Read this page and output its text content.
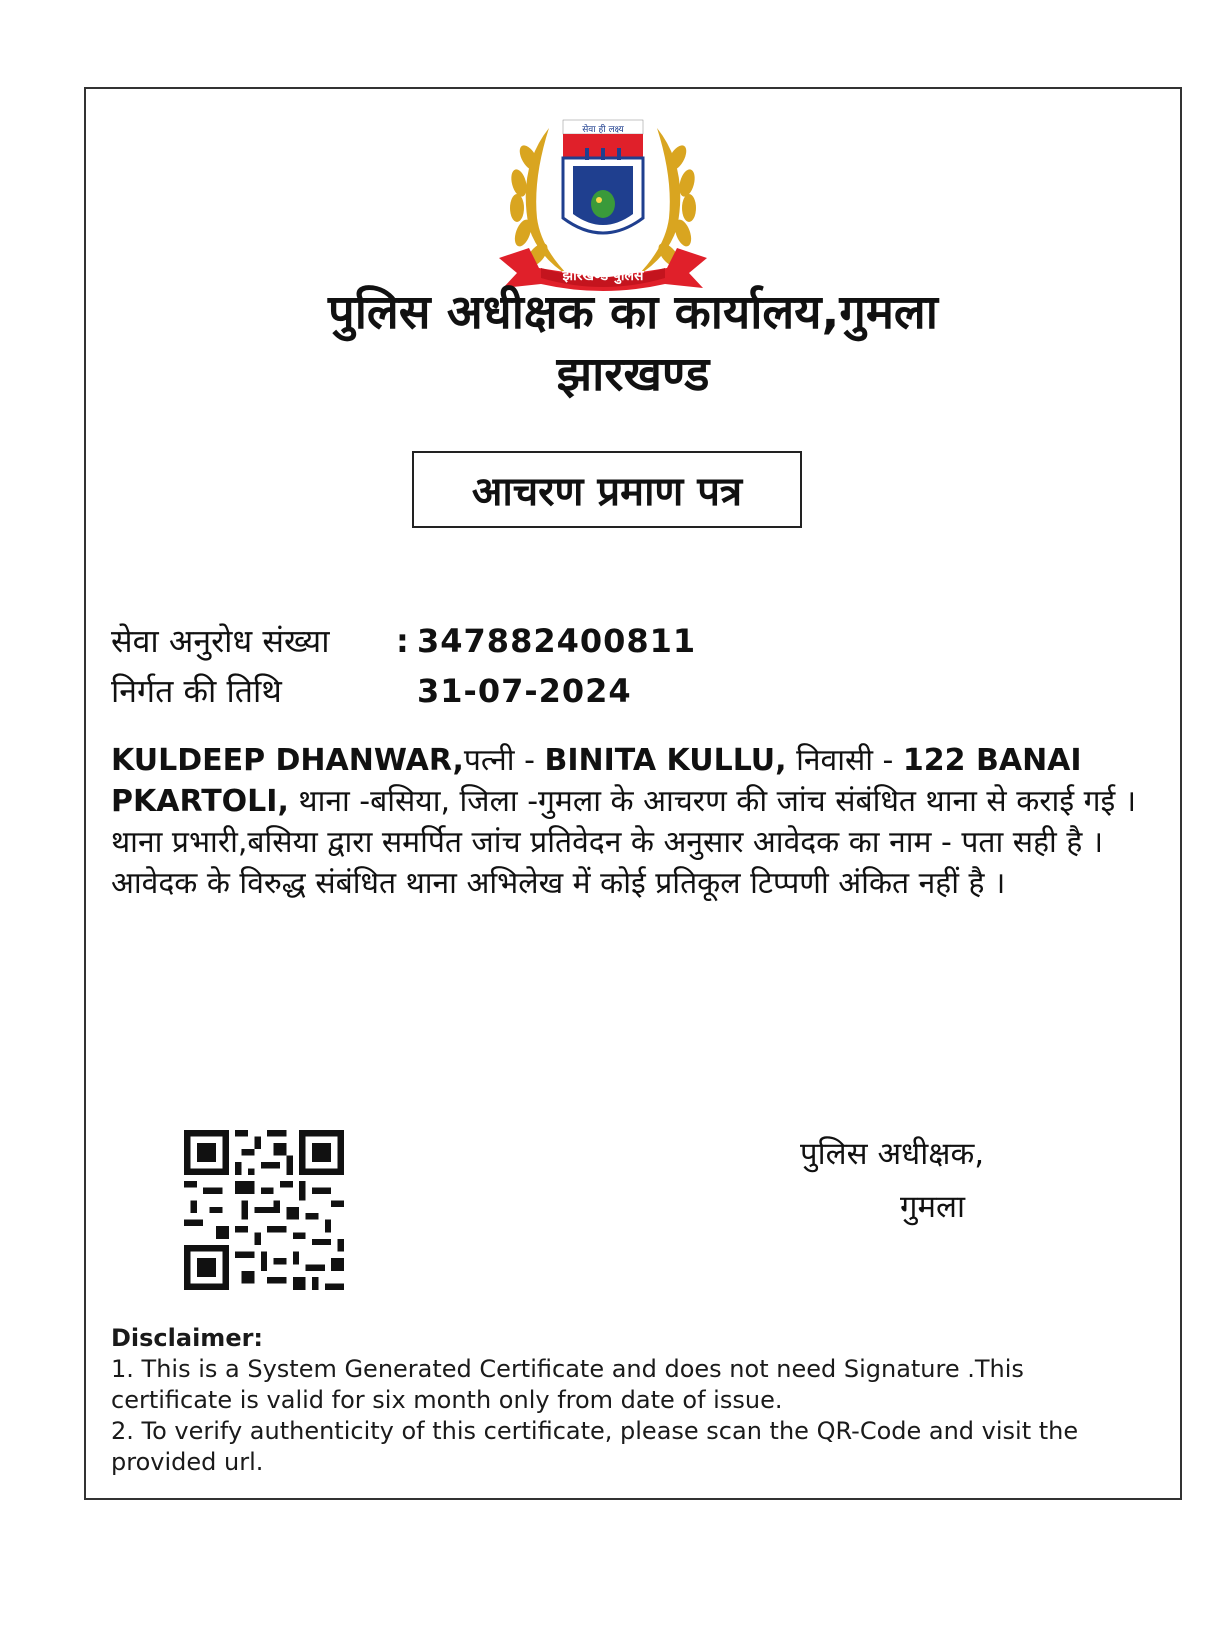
सेवा ही लक्ष्य
झारखण्ड पुलिस
पुलिस अधीक्षक का कार्यालय,गुमला
झारखण्ड
आचरण प्रमाण पत्र
सेवा अनुरोध संख्या	: 347882400811
निर्गत की तिथि	31-07-2024

KULDEEP DHANWAR,पत्नी - BINITA KULLU, निवासी - 122 BANAI PKARTOLI, थाना -बसिया, जिला -गुमला के आचरण की जांच संबंधित थाना से कराई गई । थाना प्रभारी,बसिया द्वारा समर्पित जांच प्रतिवेदन के अनुसार आवेदक का नाम - पता सही है । आवेदक के विरुद्ध संबंधित थाना अभिलेख में कोई प्रतिकूल टिप्पणी अंकित नहीं है ।

पुलिस अधीक्षक,
गुमला
Disclaimer:

1. This is a System Generated Certificate and does not need Signature .This certificate is valid for six month only from date of issue.

2. To verify authenticity of this certificate, please scan the QR-Code and visit the provided url.
